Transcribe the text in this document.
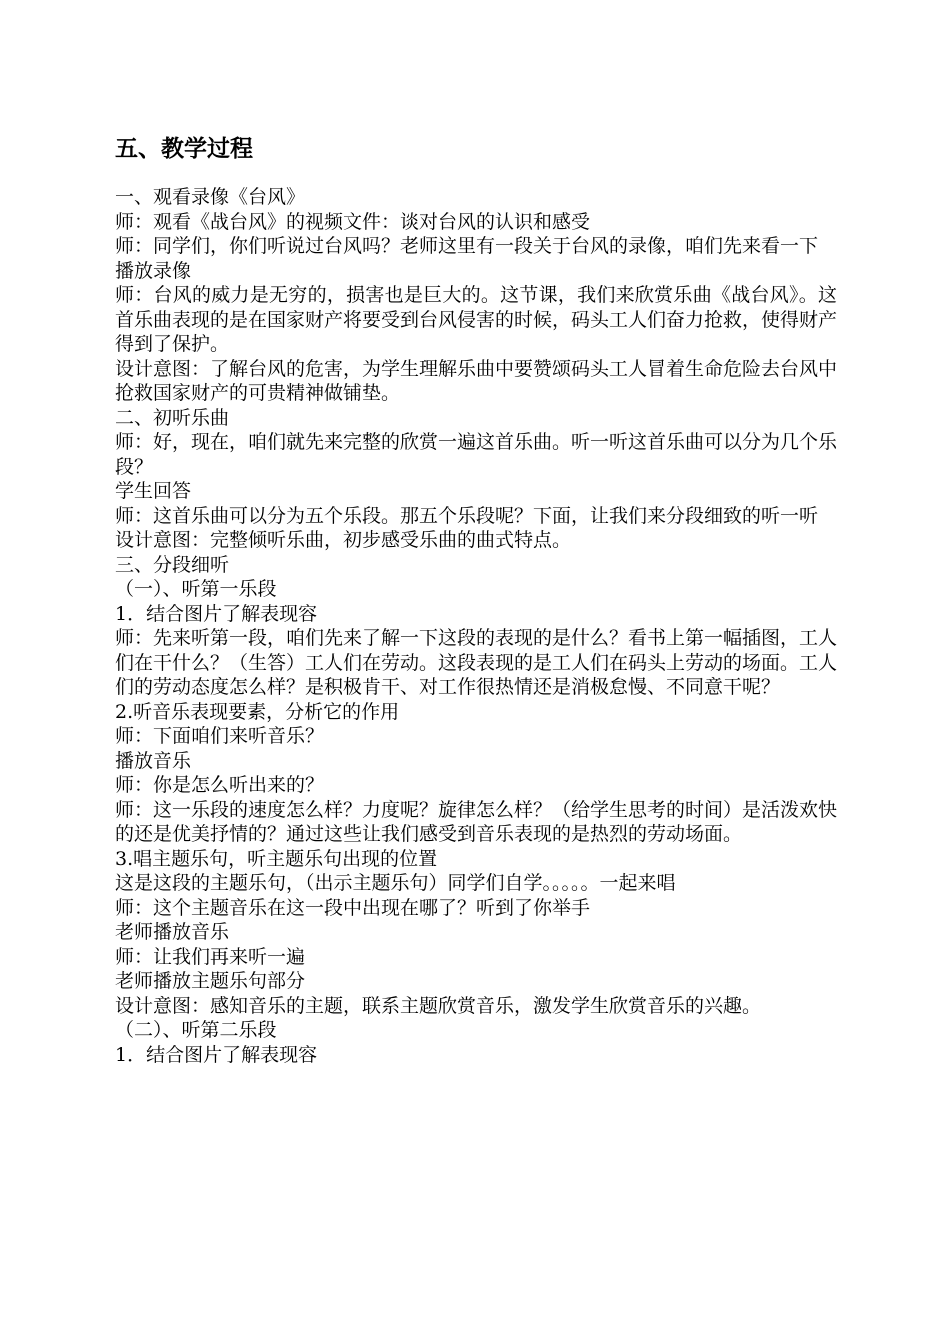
五、教学过程

一、观看录像《台风》

师：观看《战台风》的视频文件：谈对台风的认识和感受

师：同学们，你们听说过台风吗？老师这里有一段关于台风的录像，咱们先来看一下

播放录像

师：台风的威力是无穷的，损害也是巨大的。这节课，我们来欣赏乐曲《战台风》。这首乐曲表现的是在国家财产将要受到台风侵害的时候，码头工人们奋力抢救，使得财产得到了保护。

设计意图：了解台风的危害，为学生理解乐曲中要赞颂码头工人冒着生命危险去台风中抢救国家财产的可贵精神做铺垫。

二、初听乐曲

师：好，现在，咱们就先来完整的欣赏一遍这首乐曲。听一听这首乐曲可以分为几个乐段？

学生回答

师：这首乐曲可以分为五个乐段。那五个乐段呢？下面，让我们来分段细致的听一听

设计意图：完整倾听乐曲，初步感受乐曲的曲式特点。

三、分段细听

（一）、听第一乐段

1．结合图片了解表现容

师：先来听第一段，咱们先来了解一下这段的表现的是什么？看书上第一幅插图，工人们在干什么？（生答）工人们在劳动。这段表现的是工人们在码头上劳动的场面。工人们的劳动态度怎么样？是积极肯干、对工作很热情还是消极怠慢、不同意干呢？

2.听音乐表现要素，分析它的作用

师：下面咱们来听音乐？

播放音乐

师：你是怎么听出来的？

师：这一乐段的速度怎么样？力度呢？旋律怎么样？（给学生思考的时间）是活泼欢快的还是优美抒情的？通过这些让我们感受到音乐表现的是热烈的劳动场面。

3.唱主题乐句，听主题乐句出现的位置

这是这段的主题乐句，（出示主题乐句）同学们自学。。。。。一起来唱

师：这个主题音乐在这一段中出现在哪了？听到了你举手

老师播放音乐

师：让我们再来听一遍

老师播放主题乐句部分

设计意图：感知音乐的主题，联系主题欣赏音乐，激发学生欣赏音乐的兴趣。

（二）、听第二乐段

1．结合图片了解表现容
